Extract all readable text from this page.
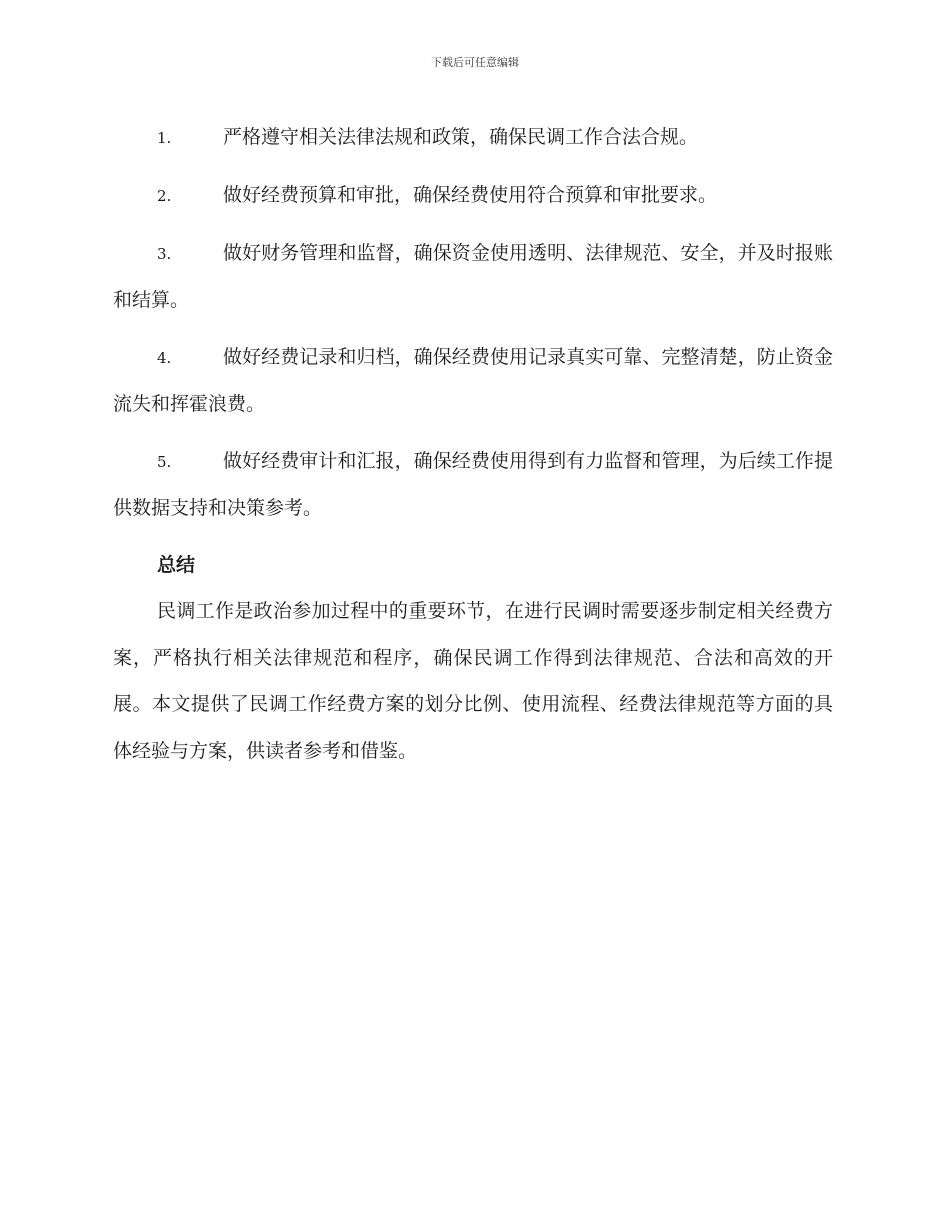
下载后可任意编辑

1.	严格遵守相关法律法规和政策，确保民调工作合法合规。

2.	做好经费预算和审批，确保经费使用符合预算和审批要求。

3.	做好财务管理和监督，确保资金使用透明、法律规范、安全，并及时报账和结算。

4.	做好经费记录和归档，确保经费使用记录真实可靠、完整清楚，防止资金流失和挥霍浪费。

5.	做好经费审计和汇报，确保经费使用得到有力监督和管理，为后续工作提供数据支持和决策参考。

总结

民调工作是政治参加过程中的重要环节，在进行民调时需要逐步制定相关经费方案，严格执行相关法律规范和程序，确保民调工作得到法律规范、合法和高效的开展。本文提供了民调工作经费方案的划分比例、使用流程、经费法律规范等方面的具体经验与方案，供读者参考和借鉴。
